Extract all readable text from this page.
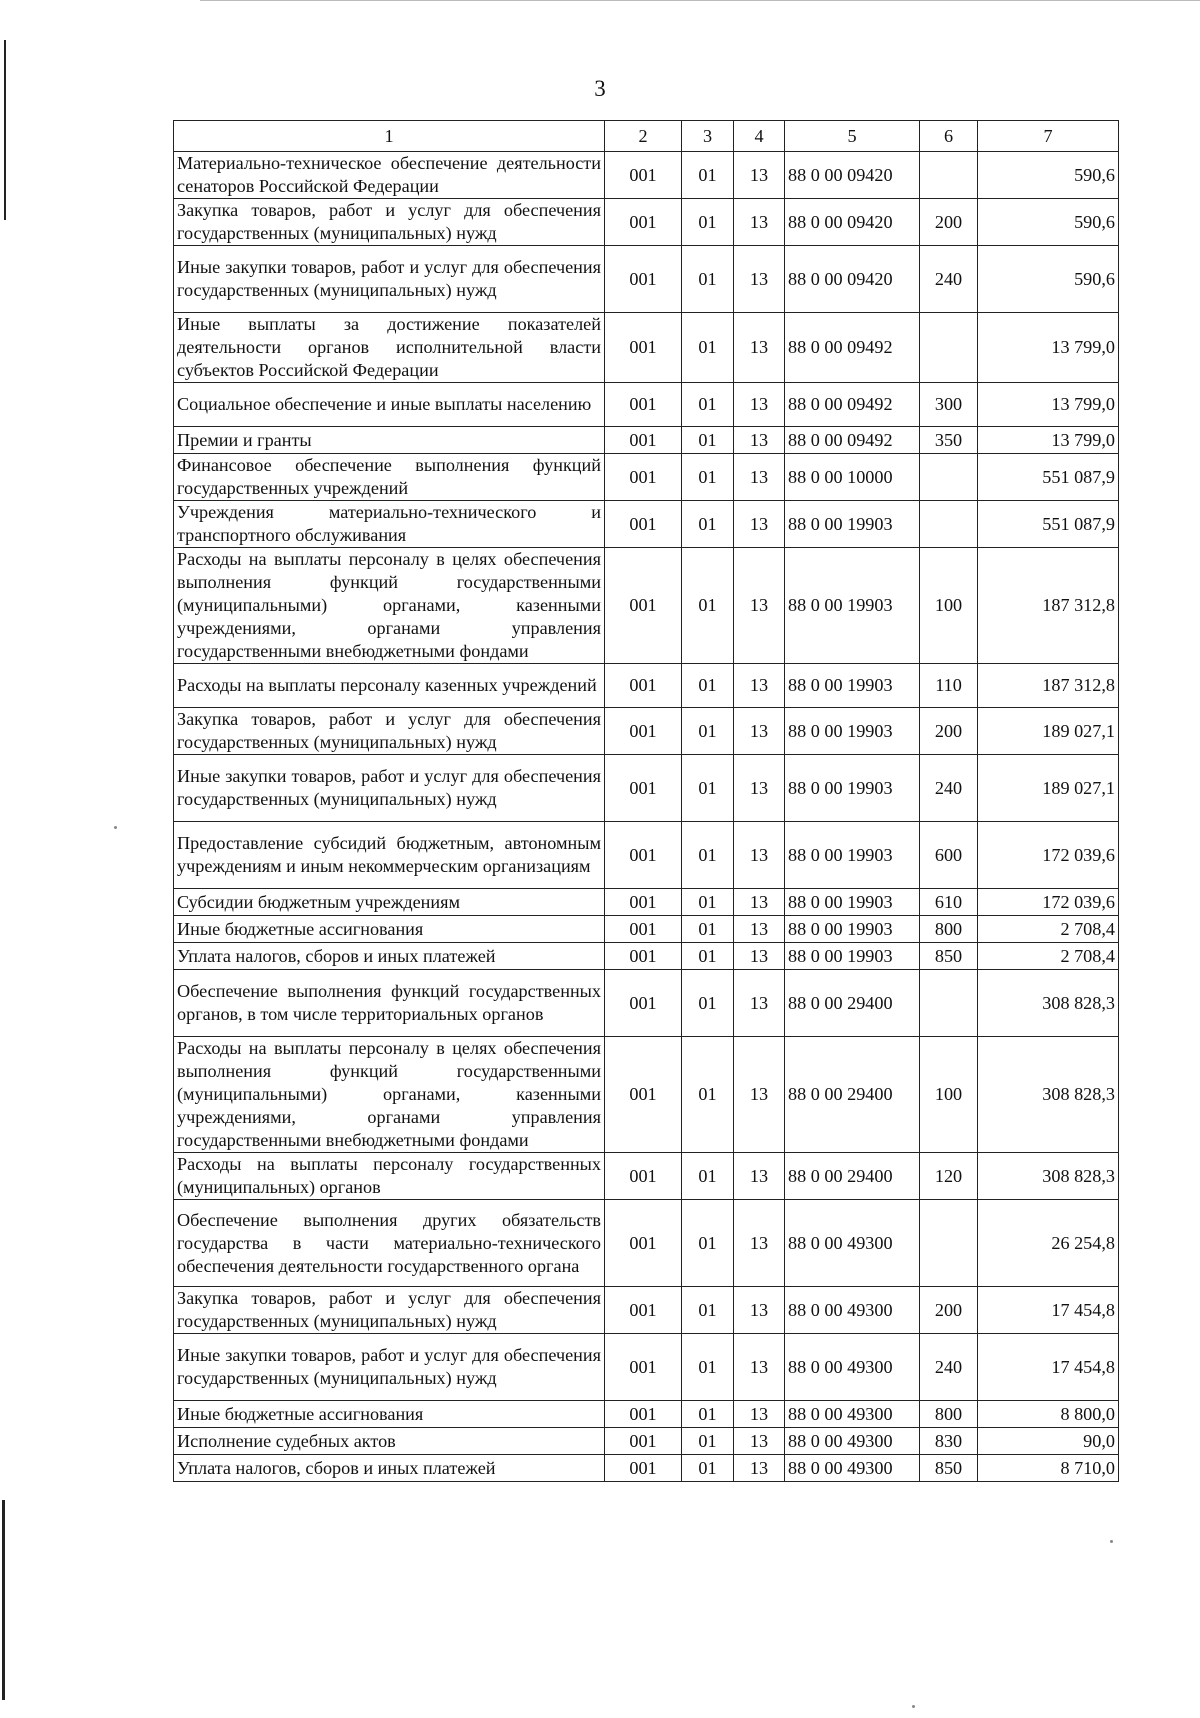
3
1	2	3	4	5	6	7
Материально-техническое обеспечение деятельности сенаторов Российской Федерации	001	01	13	88 0 00 09420		590,6
Закупка товаров, работ и услуг для обеспечения государственных (муниципальных) нужд	001	01	13	88 0 00 09420	200	590,6
Иные закупки товаров, работ и услуг для обеспечения государственных (муниципальных) нужд	001	01	13	88 0 00 09420	240	590,6
Иные выплаты за достижение показателей деятельности органов исполнительной власти субъектов Российской Федерации	001	01	13	88 0 00 09492		13 799,0
Социальное обеспечение и иные выплаты населению	001	01	13	88 0 00 09492	300	13 799,0
Премии и гранты	001	01	13	88 0 00 09492	350	13 799,0
Финансовое обеспечение выполнения функций государственных учреждений	001	01	13	88 0 00 10000		551 087,9
Учреждения материально-технического и транспортного обслуживания	001	01	13	88 0 00 19903		551 087,9
Расходы на выплаты персоналу в целях обеспечения выполнения функций государственными (муниципальными) органами, казенными учреждениями, органами управления государственными внебюджетными фондами	001	01	13	88 0 00 19903	100	187 312,8
Расходы на выплаты персоналу казенных учреждений	001	01	13	88 0 00 19903	110	187 312,8
Закупка товаров, работ и услуг для обеспечения государственных (муниципальных) нужд	001	01	13	88 0 00 19903	200	189 027,1
Иные закупки товаров, работ и услуг для обеспечения государственных (муниципальных) нужд	001	01	13	88 0 00 19903	240	189 027,1
Предоставление субсидий бюджетным, автономным учреждениям и иным некоммерческим организациям	001	01	13	88 0 00 19903	600	172 039,6
Субсидии бюджетным учреждениям	001	01	13	88 0 00 19903	610	172 039,6
Иные бюджетные ассигнования	001	01	13	88 0 00 19903	800	2 708,4
Уплата налогов, сборов и иных платежей	001	01	13	88 0 00 19903	850	2 708,4
Обеспечение выполнения функций государственных органов, в том числе территориальных органов	001	01	13	88 0 00 29400		308 828,3
Расходы на выплаты персоналу в целях обеспечения выполнения функций государственными (муниципальными) органами, казенными учреждениями, органами управления государственными внебюджетными фондами	001	01	13	88 0 00 29400	100	308 828,3
Расходы на выплаты персоналу государственных (муниципальных) органов	001	01	13	88 0 00 29400	120	308 828,3
Обеспечение выполнения других обязательств государства в части материально-технического обеспечения деятельности государственного органа	001	01	13	88 0 00 49300		26 254,8
Закупка товаров, работ и услуг для обеспечения государственных (муниципальных) нужд	001	01	13	88 0 00 49300	200	17 454,8
Иные закупки товаров, работ и услуг для обеспечения государственных (муниципальных) нужд	001	01	13	88 0 00 49300	240	17 454,8
Иные бюджетные ассигнования	001	01	13	88 0 00 49300	800	8 800,0
Исполнение судебных актов	001	01	13	88 0 00 49300	830	90,0
Уплата налогов, сборов и иных платежей	001	01	13	88 0 00 49300	850	8 710,0
